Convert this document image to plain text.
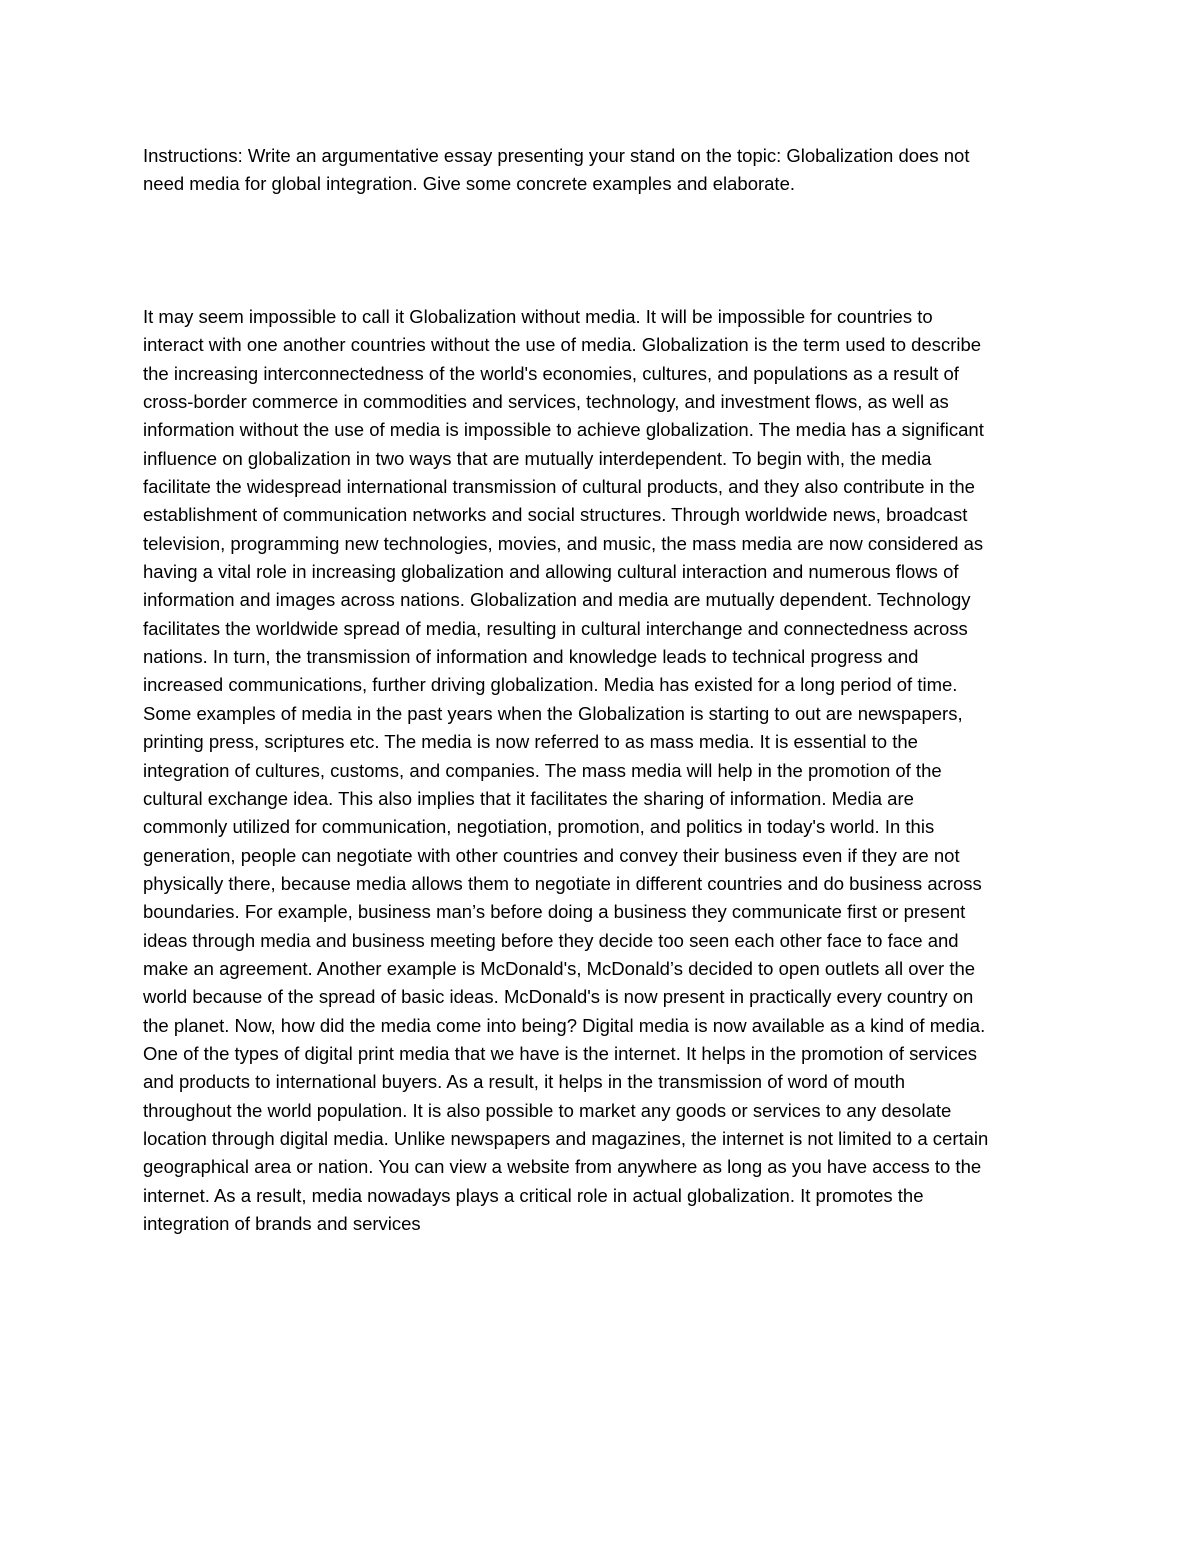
Instructions: Write an argumentative essay presenting your stand on the topic: Globalization does not
need media for global integration. Give some concrete examples and elaborate.
It may seem impossible to call it Globalization without media. It will be impossible for countries to
interact with one another countries without the use of media. Globalization is the term used to describe
the increasing interconnectedness of the world's economies, cultures, and populations as a result of
cross-border commerce in commodities and services, technology, and investment flows, as well as
information without the use of media is impossible to achieve globalization. The media has a significant
influence on globalization in two ways that are mutually interdependent. To begin with, the media
facilitate the widespread international transmission of cultural products, and they also contribute in the
establishment of communication networks and social structures. Through worldwide news, broadcast
television, programming new technologies, movies, and music, the mass media are now considered as
having a vital role in increasing globalization and allowing cultural interaction and numerous flows of
information and images across nations. Globalization and media are mutually dependent. Technology
facilitates the worldwide spread of media, resulting in cultural interchange and connectedness across
nations. In turn, the transmission of information and knowledge leads to technical progress and
increased communications, further driving globalization. Media has existed for a long period of time.
Some examples of media in the past years when the Globalization is starting to out are newspapers,
printing press, scriptures etc. The media is now referred to as mass media. It is essential to the
integration of cultures, customs, and companies. The mass media will help in the promotion of the
cultural exchange idea. This also implies that it facilitates the sharing of information. Media are
commonly utilized for communication, negotiation, promotion, and politics in today's world. In this
generation, people can negotiate with other countries and convey their business even if they are not
physically there, because media allows them to negotiate in different countries and do business across
boundaries. For example, business man’s before doing a business they communicate first or present
ideas through media and business meeting before they decide too seen each other face to face and
make an agreement. Another example is McDonald's, McDonald’s decided to open outlets all over the
world because of the spread of basic ideas. McDonald's is now present in practically every country on
the planet. Now, how did the media come into being? Digital media is now available as a kind of media.
One of the types of digital print media that we have is the internet. It helps in the promotion of services
and products to international buyers. As a result, it helps in the transmission of word of mouth
throughout the world population. It is also possible to market any goods or services to any desolate
location through digital media. Unlike newspapers and magazines, the internet is not limited to a certain
geographical area or nation. You can view a website from anywhere as long as you have access to the
internet. As a result, media nowadays plays a critical role in actual globalization. It promotes the
integration of brands and services
